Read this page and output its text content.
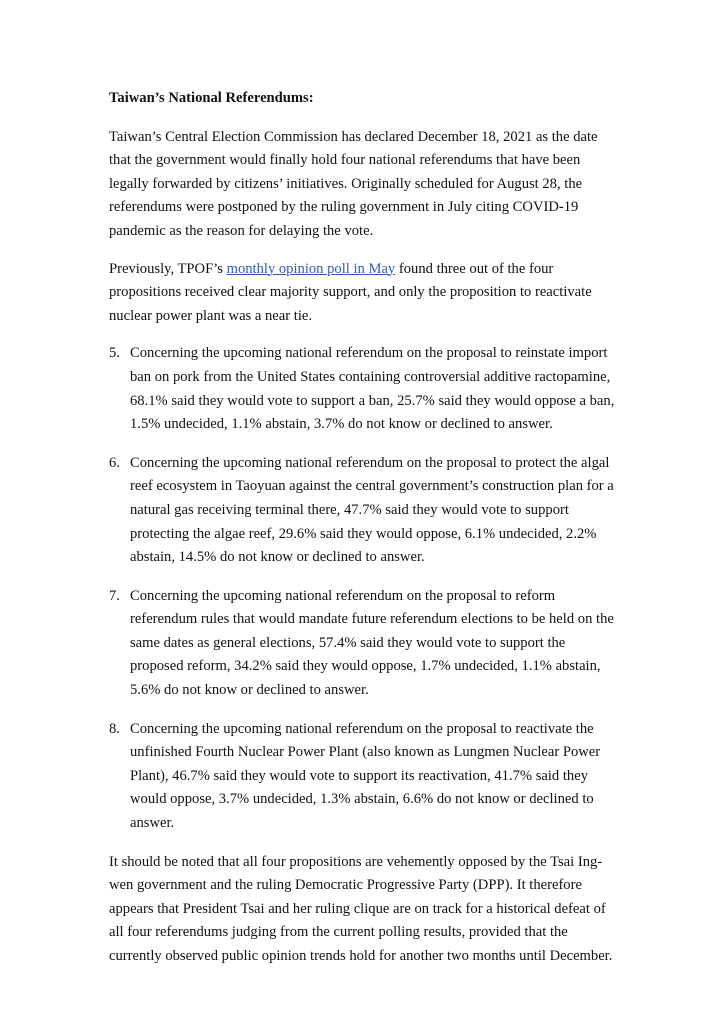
Taiwan’s National Referendums:

Taiwan’s Central Election Commission has declared December 18, 2021 as the date that the government would finally hold four national referendums that have been legally forwarded by citizens’ initiatives. Originally scheduled for August 28, the referendums were postponed by the ruling government in July citing COVID-19 pandemic as the reason for delaying the vote.

Previously, TPOF’s monthly opinion poll in May found three out of the four propositions received clear majority support, and only the proposition to reactivate nuclear power plant was a near tie.

5. Concerning the upcoming national referendum on the proposal to reinstate import ban on pork from the United States containing controversial additive ractopamine, 68.1% said they would vote to support a ban, 25.7% said they would oppose a ban, 1.5% undecided, 1.1% abstain, 3.7% do not know or declined to answer.
6. Concerning the upcoming national referendum on the proposal to protect the algal reef ecosystem in Taoyuan against the central government’s construction plan for a natural gas receiving terminal there, 47.7% said they would vote to support protecting the algae reef, 29.6% said they would oppose, 6.1% undecided, 2.2% abstain, 14.5% do not know or declined to answer.
7. Concerning the upcoming national referendum on the proposal to reform referendum rules that would mandate future referendum elections to be held on the same dates as general elections, 57.4% said they would vote to support the proposed reform, 34.2% said they would oppose, 1.7% undecided, 1.1% abstain, 5.6% do not know or declined to answer.
8. Concerning the upcoming national referendum on the proposal to reactivate the unfinished Fourth Nuclear Power Plant (also known as Lungmen Nuclear Power Plant), 46.7% said they would vote to support its reactivation, 41.7% said they would oppose, 3.7% undecided, 1.3% abstain, 6.6% do not know or declined to answer.

It should be noted that all four propositions are vehemently opposed by the Tsai Ing-wen government and the ruling Democratic Progressive Party (DPP). It therefore appears that President Tsai and her ruling clique are on track for a historical defeat of all four referendums judging from the current polling results, provided that the currently observed public opinion trends hold for another two months until December.
